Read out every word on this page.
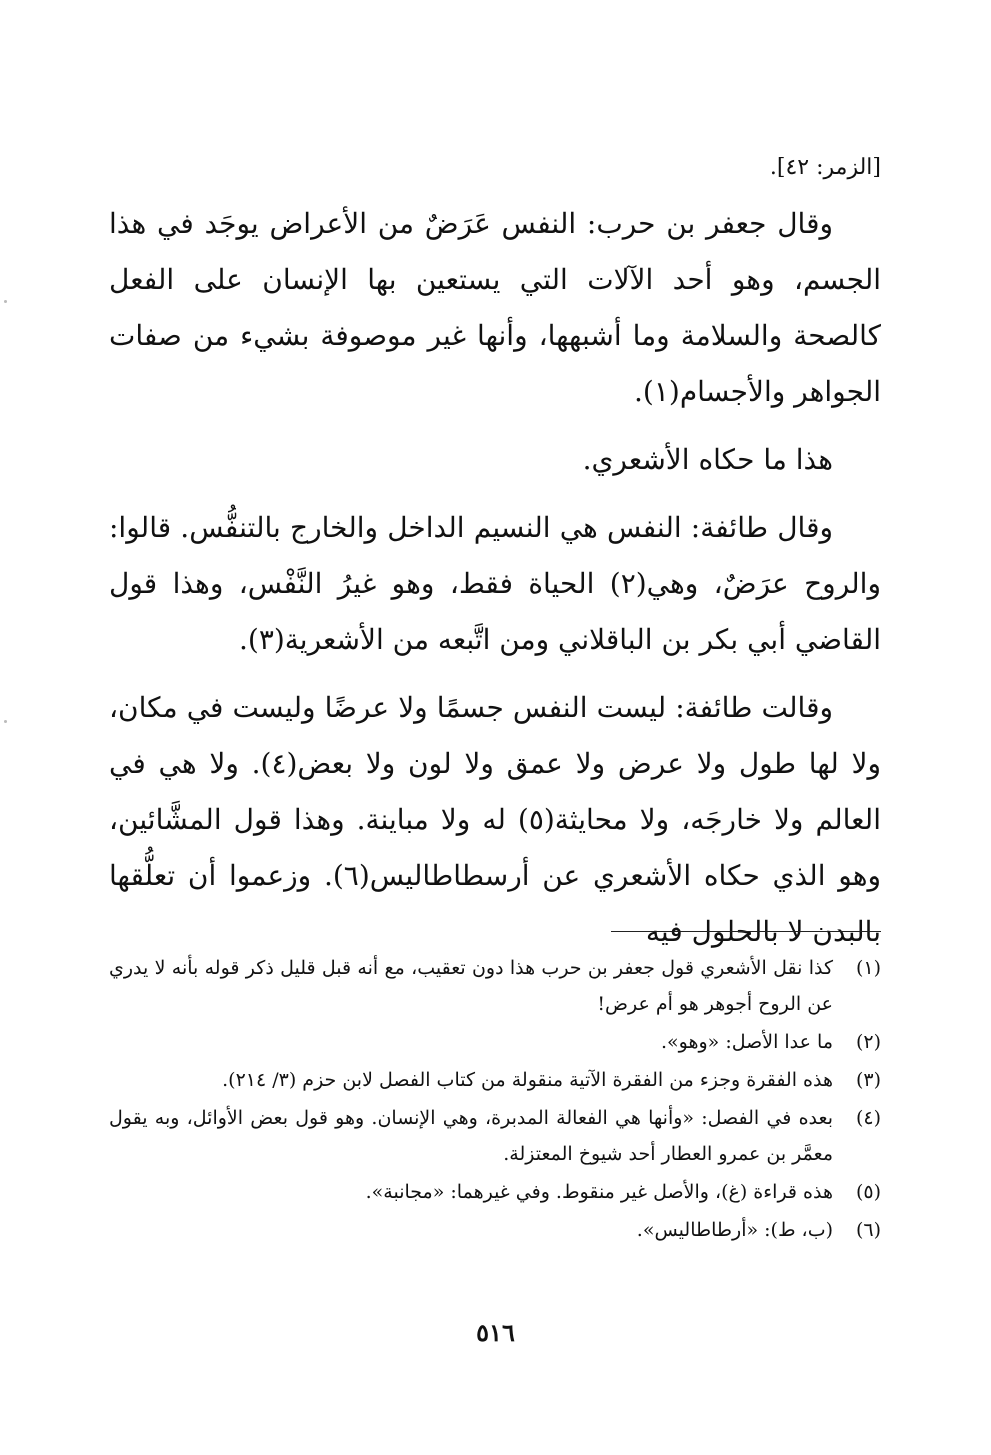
[الزمر: ٤٢].

وقال جعفر بن حرب: النفس عَرَضٌ من الأعراض يوجَد في هذا الجسم، وهو أحد الآلات التي يستعين بها الإنسان على الفعل كالصحة والسلامة وما أشبهها، وأنها غير موصوفة بشيء من صفات الجواهر والأجسام(١).

هذا ما حكاه الأشعري.

وقال طائفة: النفس هي النسيم الداخل والخارج بالتنفُّس. قالوا: والروح عرَضٌ، وهي(٢) الحياة فقط، وهو غيرُ النَّفْس، وهذا قول القاضي أبي بكر بن الباقلاني ومن اتَّبعه من الأشعرية(٣).

وقالت طائفة: ليست النفس جسمًا ولا عرضًا وليست في مكان، ولا لها طول ولا عرض ولا عمق ولا لون ولا بعض(٤). ولا هي في العالم ولا خارجَه، ولا محايثة(٥) له ولا مباينة. وهذا قول المشَّائين، وهو الذي حكاه الأشعري عن أرسطاطاليس(٦). وزعموا أن تعلُّقها بالبدن لا بالحلول فيه

(١)
كذا نقل الأشعري قول جعفر بن حرب هذا دون تعقيب، مع أنه قبل قليل ذكر قوله بأنه لا يدري عن الروح أجوهر هو أم عرض!
(٢)
ما عدا الأصل: «وهو».
(٣)
هذه الفقرة وجزء من الفقرة الآتية منقولة من كتاب الفصل لابن حزم (٣/ ٢١٤).
(٤)
بعده في الفصل: «وأنها هي الفعالة المدبرة، وهي الإنسان. وهو قول بعض الأوائل، وبه يقول معمَّر بن عمرو العطار أحد شيوخ المعتزلة.
(٥)
هذه قراءة (غ)، والأصل غير منقوط. وفي غيرهما: «مجانبة».
(٦)
(ب، ط): «أرطاطاليس».
٥١٦
